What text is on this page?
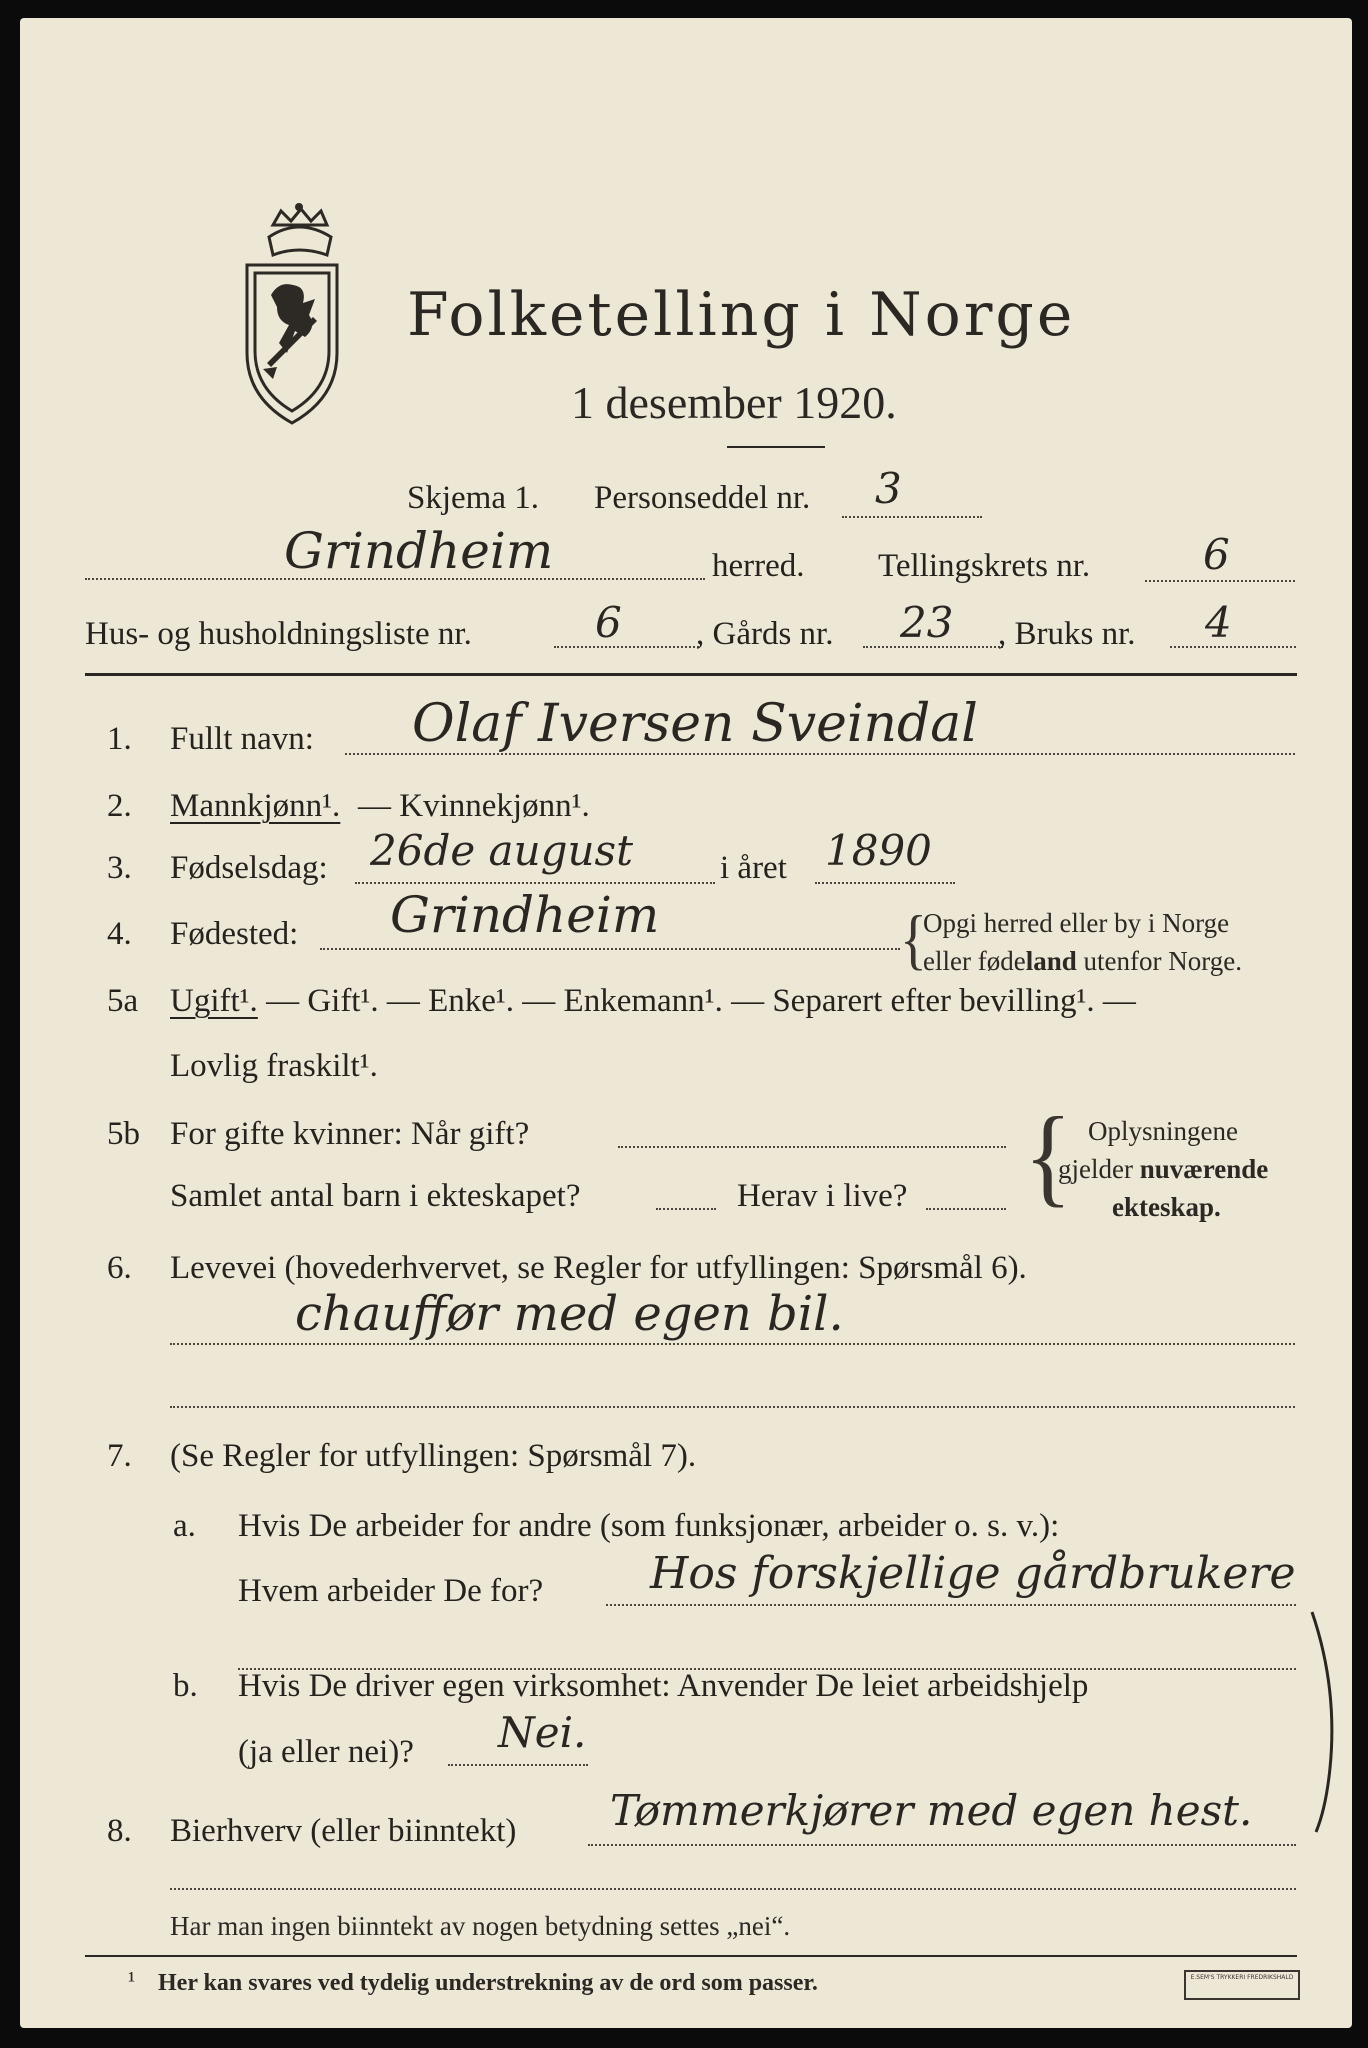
Folketelling i Norge
1 desember 1920.
Skjema 1. Personseddel nr. 3
Grindheim	herred. Tellingskrets nr.	6
Hus- og husholdningsliste nr.	6 , Gårds nr. 23 , Bruks nr. 4
1. Fullt navn: Olaf Iversen Sveindal
2. Mannkjønn¹. — Kvinnekjønn¹.
3. Fødselsdag: 26de august	i året 1890
4. Fødested: Grindheim	{
Opgi herred eller by i Norge
eller fødeland utenfor Norge.
5a Ugift¹. — Gift¹. — Enke¹. — Enkemann¹. — Separert efter bevilling¹. —
Lovlig fraskilt¹.
5b For gifte kvinner: Når gift?
Samlet antal barn i ekteskapet?	Herav i live? { Oplysningene
gjelder nuværende
ekteskap.
6. Levevei (hovederhvervet, se Regler for utfyllingen: Spørsmål 6).
chauffør med egen bil.
7. (Se Regler for utfyllingen: Spørsmål 7).
a. Hvis De arbeider for andre (som funksjonær, arbeider o. s. v.):
Hvem arbeider De for? Hos forskjellige gårdbrukere
b. Hvis De driver egen virksomhet: Anvender De leiet arbeidshjelp
(ja eller nei)? Nei.
8. Bierhverv (eller biinntekt) Tømmerkjører med egen hest.
Har man ingen biinntekt av nogen betydning settes „nei“.
¹ Her kan svares ved tydelig understrekning av de ord som passer.	E.SEM'S TRYKKERI FREDRIKSHALD
